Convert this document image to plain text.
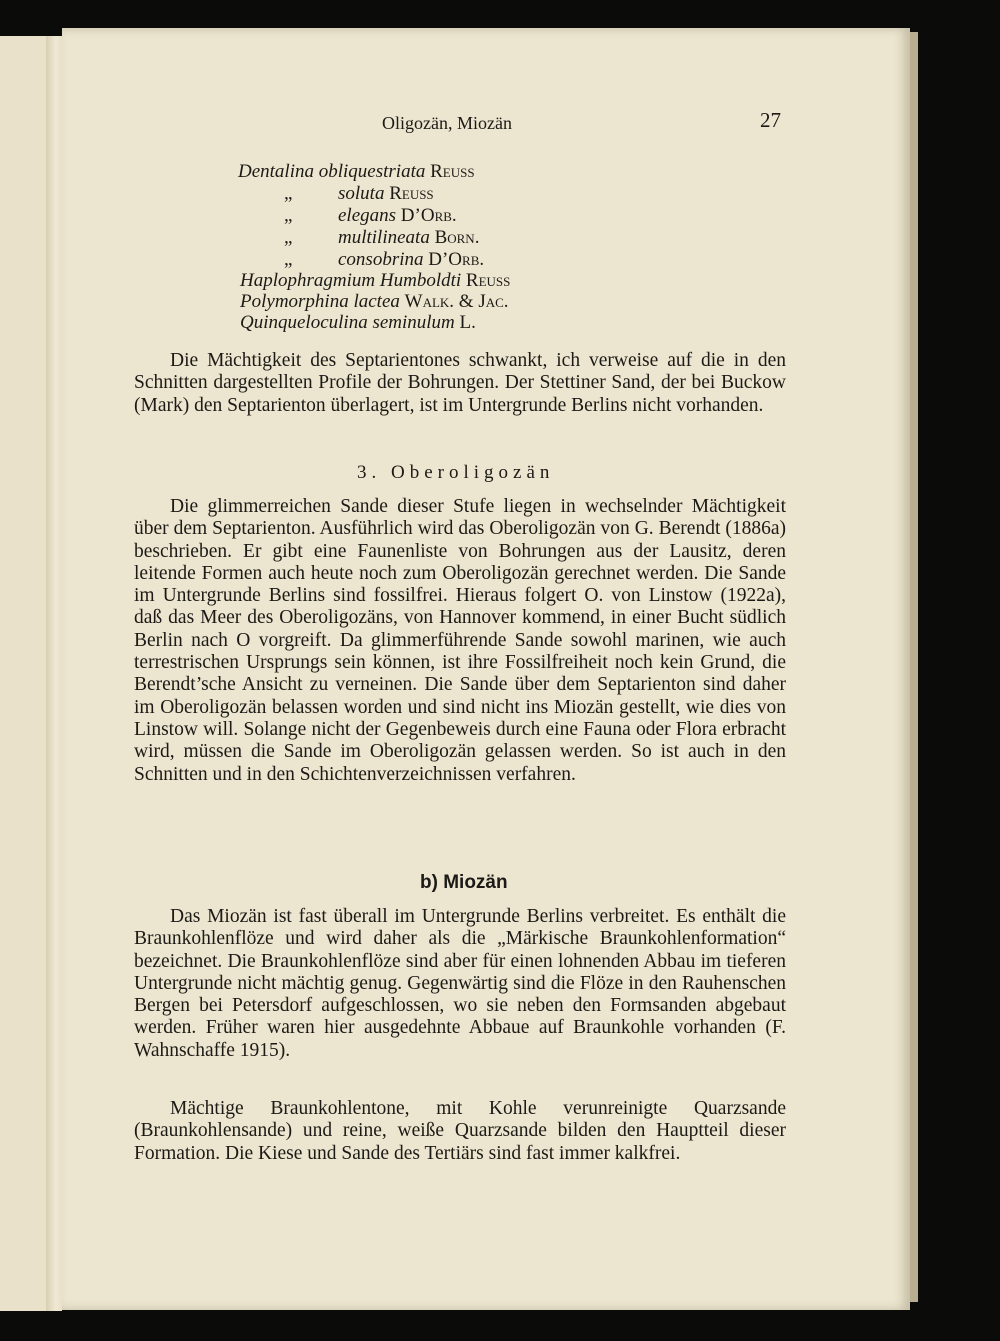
Oligozän, Miozän	27
Dentalina obliquestriata Reuss
„ soluta Reuss
„ elegans D’Orb.
„ multilineata Born.
„ consobrina D’Orb.
Haplophragmium Humboldti Reuss
Polymorphina lactea Walk. & Jac.
Quinqueloculina seminulum L.

Die Mächtigkeit des Septarientones schwankt, ich verweise auf die in den Schnitten dargestellten Profile der Bohrungen. Der Stettiner Sand, der bei Buckow (Mark) den Septarienton überlagert, ist im Untergrunde Berlins nicht vorhanden.

3. Oberoligozän

Die glimmerreichen Sande dieser Stufe liegen in wechselnder Mächtigkeit über dem Septarienton. Ausführlich wird das Oberoligozän von G. Berendt (1886a) beschrieben. Er gibt eine Faunenliste von Bohrungen aus der Lausitz, deren leitende Formen auch heute noch zum Oberoligozän gerechnet werden. Die Sande im Untergrunde Berlins sind fossilfrei. Hieraus folgert O. von Linstow (1922a), daß das Meer des Oberoligozäns, von Hannover kommend, in einer Bucht südlich Berlin nach O vorgreift. Da glimmerführende Sande sowohl marinen, wie auch terrestrischen Ursprungs sein können, ist ihre Fossilfreiheit noch kein Grund, die Berendt’sche Ansicht zu verneinen. Die Sande über dem Septarienton sind daher im Oberoligozän belassen worden und sind nicht ins Miozän gestellt, wie dies von Linstow will. Solange nicht der Gegenbeweis durch eine Fauna oder Flora erbracht wird, müssen die Sande im Oberoligozän gelassen werden. So ist auch in den Schnitten und in den Schichtenverzeichnissen verfahren.

b) Miozän

Das Miozän ist fast überall im Untergrunde Berlins verbreitet. Es enthält die Braunkohlenflöze und wird daher als die „Märkische Braunkohlenformation“ bezeichnet. Die Braunkohlenflöze sind aber für einen lohnenden Abbau im tieferen Untergrunde nicht mächtig genug. Gegenwärtig sind die Flöze in den Rauhenschen Bergen bei Petersdorf aufgeschlossen, wo sie neben den Formsanden abgebaut werden. Früher waren hier ausgedehnte Abbaue auf Braunkohle vorhanden (F. Wahnschaffe 1915).

Mächtige Braunkohlentone, mit Kohle verunreinigte Quarzsande (Braunkohlensande) und reine, weiße Quarzsande bilden den Hauptteil dieser Formation. Die Kiese und Sande des Tertiärs sind fast immer kalkfrei.
